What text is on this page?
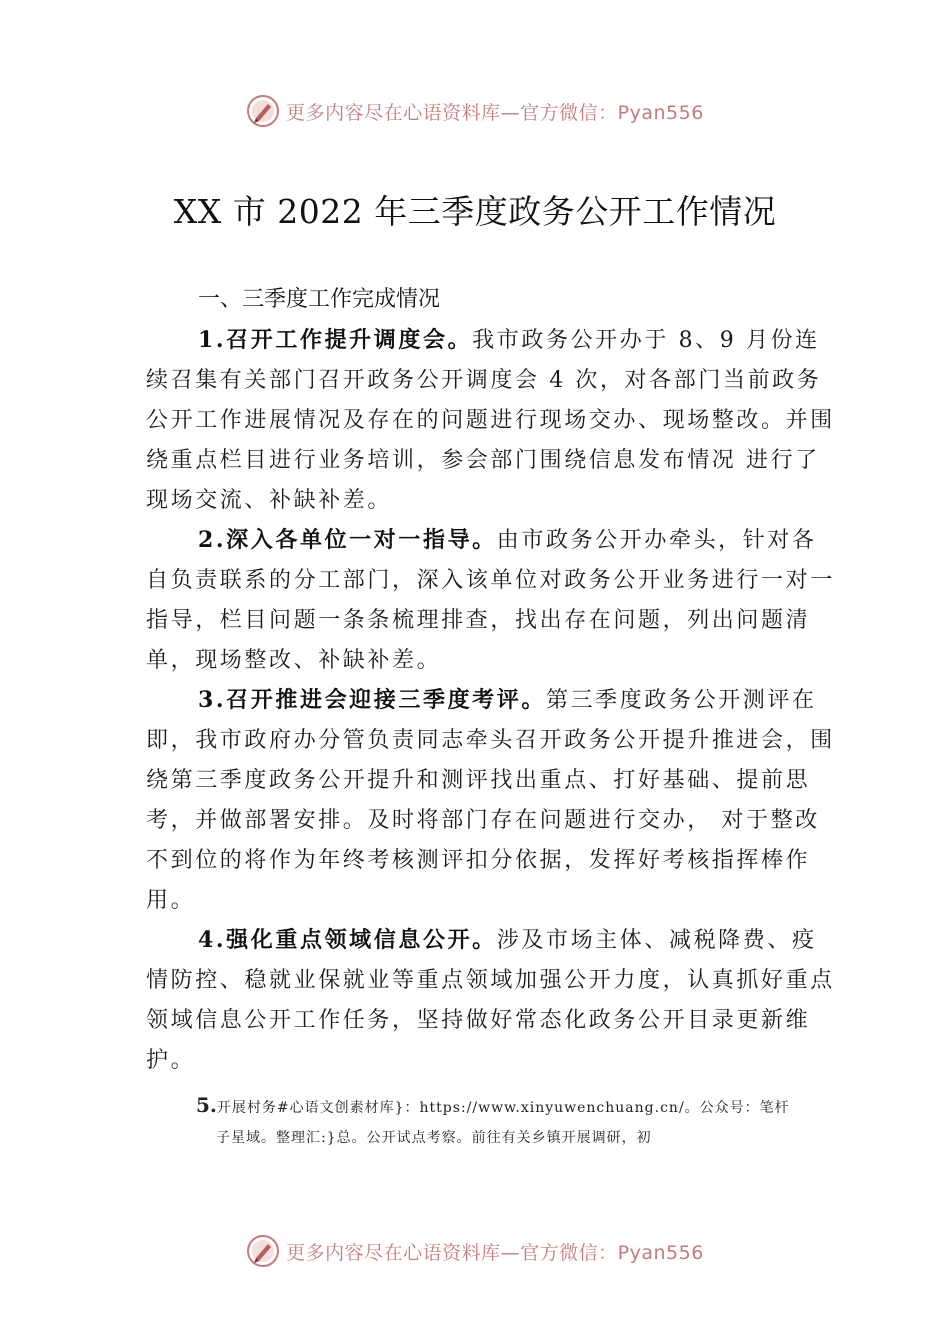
更多内容尽在心语资料库—官方微信：Pyan556
XX 市 2022 年三季度政务公开工作情况
一、三季度工作完成情况

1.召开工作提升调度会。我市政务公开办于 8、9 月份连续召集有关部门召开政务公开调度会 4 次，对各部门当前政务公开工作进展情况及存在的问题进行现场交办、现场整改。并围绕重点栏目进行业务培训，参会部门围绕信息发布情况 进行了现场交流、补缺补差。

2.深入各单位一对一指导。由市政务公开办牵头，针对各自负责联系的分工部门，深入该单位对政务公开业务进行一对一指导，栏目问题一条条梳理排查，找出存在问题，列出问题清单，现场整改、补缺补差。

3.召开推进会迎接三季度考评。第三季度政务公开测评在即，我市政府办分管负责同志牵头召开政务公开提升推进会，围绕第三季度政务公开提升和测评找出重点、打好基础、提前思考，并做部署安排。及时将部门存在问题进行交办， 对于整改不到位的将作为年终考核测评扣分依据，发挥好考核指挥棒作用。

4.强化重点领域信息公开。涉及市场主体、减税降费、疫情防控、稳就业保就业等重点领域加强公开力度，认真抓好重点领域信息公开工作任务，坚持做好常态化政务公开目录更新维护。

5.开展村务#心语文创素材库}：https://www.xinyuwenchuang.cn/。公众号：笔杆
子星域。整理汇:}总。公开试点考察。前往有关乡镇开展调研，初

更多内容尽在心语资料库—官方微信：Pyan556
